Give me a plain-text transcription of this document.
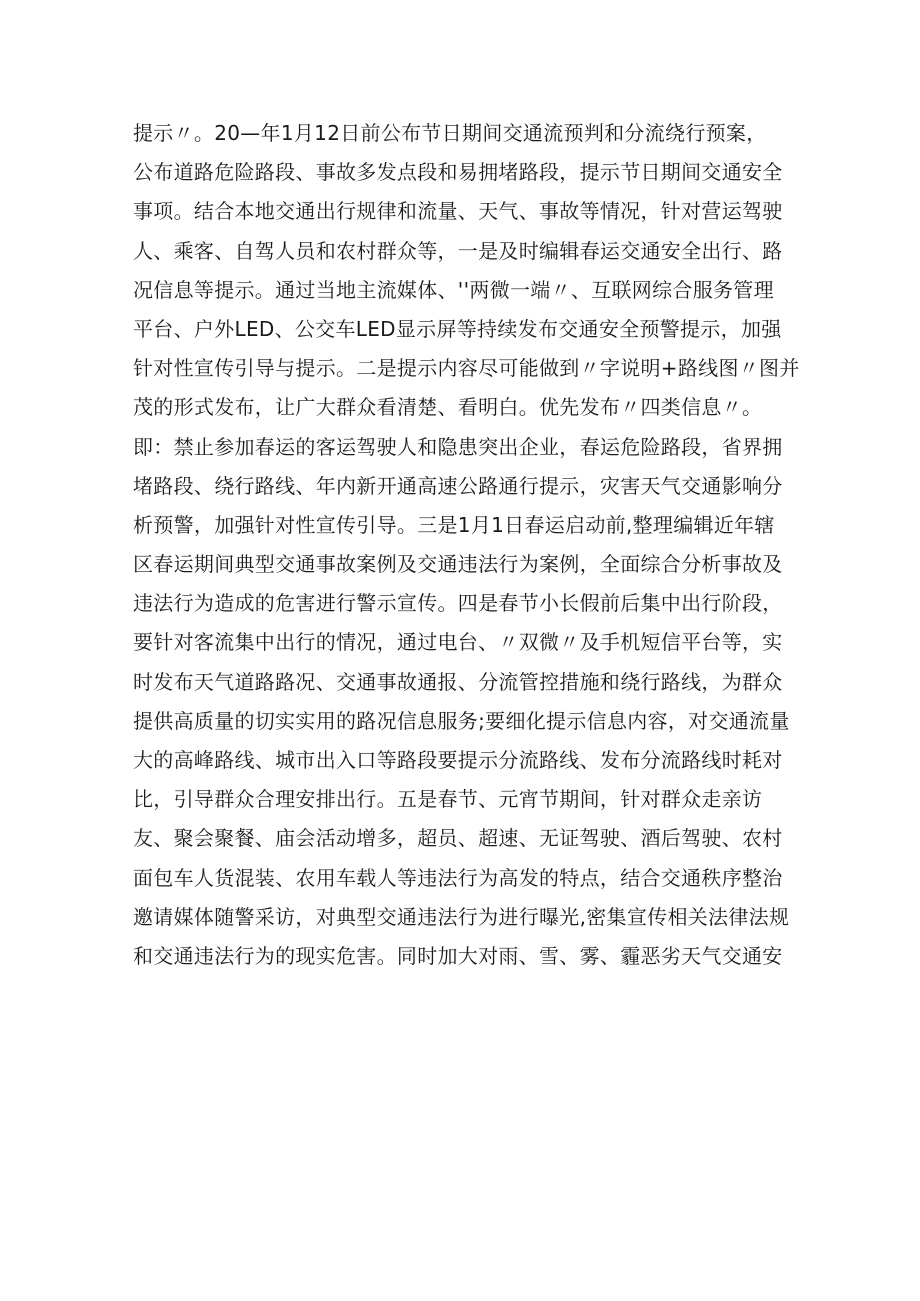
提示〃。20—年1月12日前公布节日期间交通流预判和分流绕行预案，
公布道路危险路段、事故多发点段和易拥堵路段，提示节日期间交通安全
事项。结合本地交通出行规律和流量、天气、事故等情况，针对营运驾驶
人、乘客、自驾人员和农村群众等，一是及时编辑春运交通安全出行、路
况信息等提示。通过当地主流媒体、''两微一端〃、互联网综合服务管理
平台、户外LED、公交车LED显示屏等持续发布交通安全预警提示，加强
针对性宣传引导与提示。二是提示内容尽可能做到〃字说明+路线图〃图并
茂的形式发布，让广大群众看清楚、看明白。优先发布〃四类信息〃。
即：禁止参加春运的客运驾驶人和隐患突出企业，春运危险路段，省界拥
堵路段、绕行路线、年内新开通高速公路通行提示，灾害天气交通影响分
析预警，加强针对性宣传引导。三是1月1日春运启动前,整理编辑近年辖
区春运期间典型交通事故案例及交通违法行为案例，全面综合分析事故及
违法行为造成的危害进行警示宣传。四是春节小长假前后集中出行阶段，
要针对客流集中出行的情况，通过电台、〃双微〃及手机短信平台等，实
时发布天气道路路况、交通事故通报、分流管控措施和绕行路线，为群众
提供高质量的切实实用的路况信息服务;要细化提示信息内容，对交通流量
大的高峰路线、城市出入口等路段要提示分流路线、发布分流路线时耗对
比，引导群众合理安排出行。五是春节、元宵节期间，针对群众走亲访
友、聚会聚餐、庙会活动增多，超员、超速、无证驾驶、酒后驾驶、农村
面包车人货混装、农用车载人等违法行为高发的特点，结合交通秩序整治
邀请媒体随警采访，对典型交通违法行为进行曝光,密集宣传相关法律法规
和交通违法行为的现实危害。同时加大对雨、雪、雾、霾恶劣天气交通安
